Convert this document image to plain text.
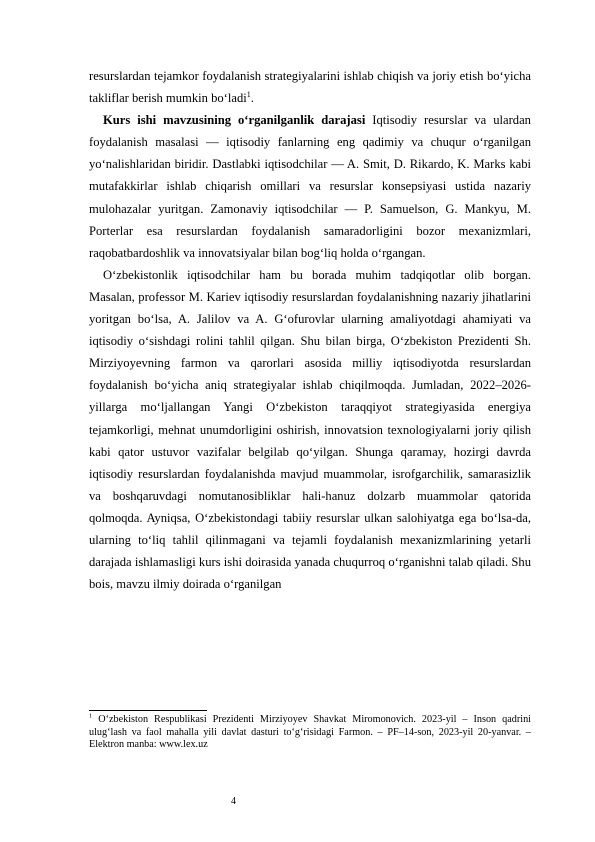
resurslardan tejamkor foydalanish strategiyalarini ishlab chiqish va joriy etish bo‘yicha takliflar berish mumkin bo‘ladi$^1$.

Kurs ishi mavzusining o‘rganilganlik darajasi Iqtisodiy resurslar va ulardan foydalanish masalasi — iqtisodiy fanlarning eng qadimiy va chuqur o‘rganilgan yo‘nalishlaridan biridir. Dastlabki iqtisodchilar — A. Smit, D. Rikardo, K. Marks kabi mutafakkirlar ishlab chiqarish omillari va resurslar konsepsiyasi ustida nazariy mulohazalar yuritgan. Zamonaviy iqtisodchilar — P. Samuelson, G. Mankyu, M. Porterlar esa resurslardan foydalanish samaradorligini bozor mexanizmlari, raqobatbardoshlik va innovatsiyalar bilan bog‘liq holda o‘rgangan.

O‘zbekistonlik iqtisodchilar ham bu borada muhim tadqiqotlar olib borgan. Masalan, professor M. Kariev iqtisodiy resurslardan foydalanishning nazariy jihatlarini yoritgan bo‘lsa, A. Jalilov va A. G‘ofurovlar ularning amaliyotdagi ahamiyati va iqtisodiy o‘sishdagi rolini tahlil qilgan. Shu bilan birga, O‘zbekiston Prezidenti Sh. Mirziyoyevning farmon va qarorlari asosida milliy iqtisodiyotda resurslardan foydalanish bo‘yicha aniq strategiyalar ishlab chiqilmoqda. Jumladan, 2022–2026-yillarga mo‘ljallangan Yangi O‘zbekiston taraqqiyot strategiyasida energiya tejamkorligi, mehnat unumdorligini oshirish, innovatsion texnologiyalarni joriy qilish kabi qator ustuvor vazifalar belgilab qo‘yilgan. Shunga qaramay, hozirgi davrda iqtisodiy resurslardan foydalanishda mavjud muammolar, isrofgarchilik, samarasizlik va boshqaruvdagi nomutanosibliklar hali-hanuz dolzarb muammolar qatorida qolmoqda. Ayniqsa, O‘zbekistondagi tabiiy resurslar ulkan salohiyatga ega bo‘lsa-da, ularning to‘liq tahlil qilinmagani va tejamli foydalanish mexanizmlarining yetarli darajada ishlamasligi kurs ishi doirasida yanada chuqurroq o‘rganishni talab qiladi. Shu bois, mavzu ilmiy doirada o‘rganilgan

$^1$ O‘zbekiston Respublikasi Prezidenti Mirziyoyev Shavkat Miromonovich. 2023-yil – Inson qadrini ulug‘lash va faol mahalla yili davlat dasturi to‘g‘risidagi Farmon. – PF–14-son, 2023-yil 20-yanvar. – Elektron manba: www.lex.uz

4
